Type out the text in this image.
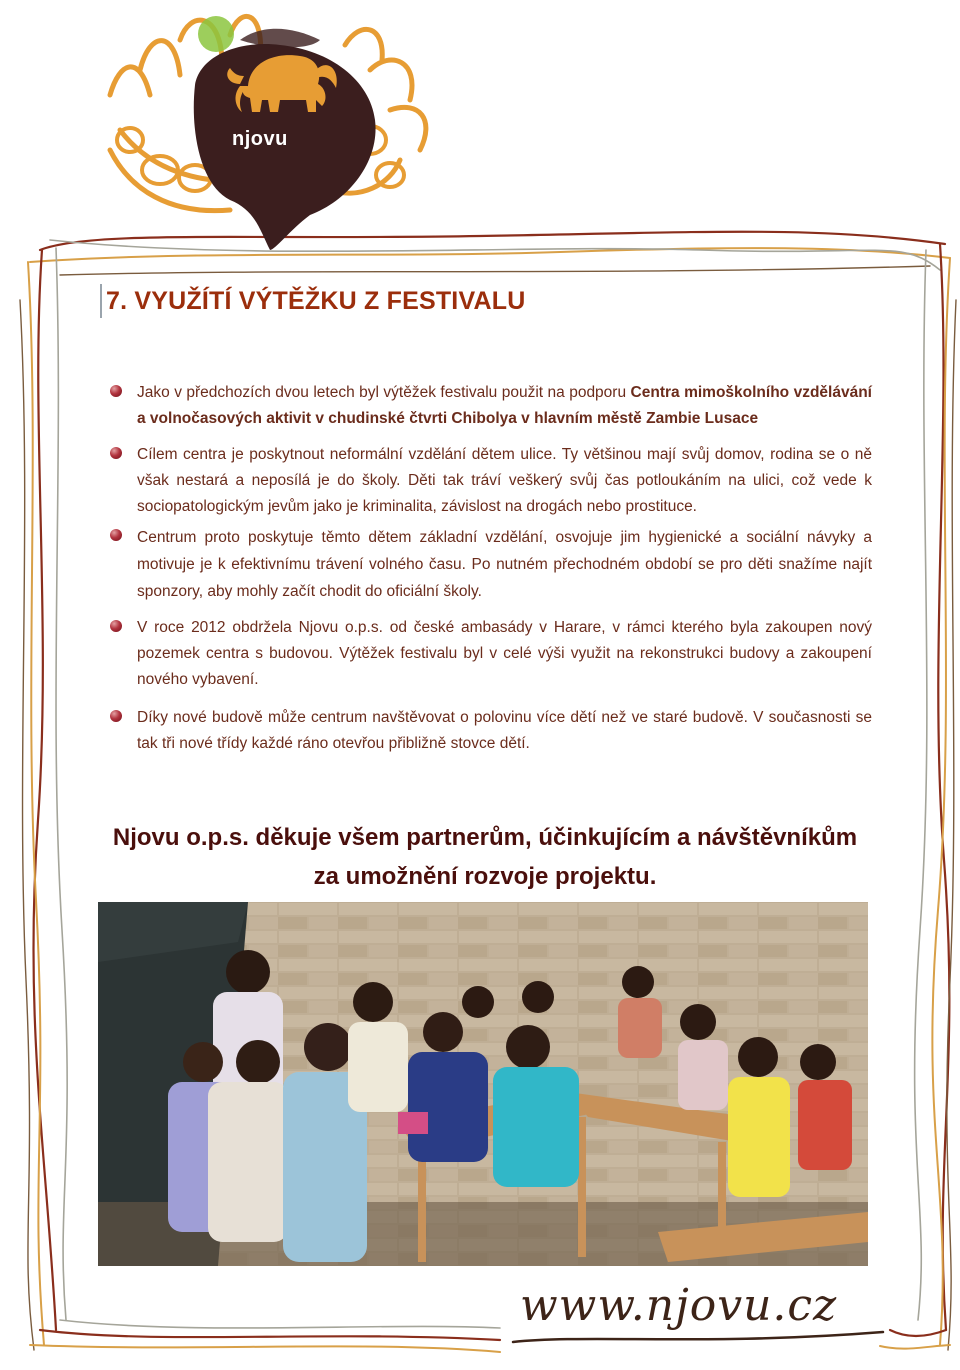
njovu
7. VYUŽÍTÍ VÝTĚŽKU Z FESTIVALU
Jako v předchozích dvou letech byl výtěžek festivalu použit na podporu Centra mimoškolního vzdělávání a volnočasových aktivit v chudinské čtvrti Chibolya v hlavním městě Zambie Lusace
Cílem centra je poskytnout neformální vzdělání dětem ulice. Ty většinou mají svůj domov, rodina se o ně však nestará a neposílá je do školy. Děti tak tráví veškerý svůj čas potloukáním na ulici, což vede k sociopatologickým jevům jako je kriminalita, závislost na drogách nebo prostituce.
Centrum proto poskytuje těmto dětem základní vzdělání, osvojuje jim hygienické a sociální návyky a motivuje je k efektivnímu trávení volného času. Po nutném přechodném období se pro děti snažíme najít sponzory, aby mohly začít chodit do oficiální školy.
V roce 2012 obdržela Njovu o.p.s. od české ambasády v Harare, v rámci kterého byla zakoupen nový pozemek centra s budovou. Výtěžek festivalu byl v celé výši využit na rekonstrukci budovy a zakoupení nového vybavení.
Díky nové budově může centrum navštěvovat o polovinu více dětí než ve staré budově. V současnosti se tak tři nové třídy každé ráno otevřou přibližně stovce dětí.
Njovu o.p.s. děkuje všem partnerům, účinkujícím a návštěvníkům
za umožnění rozvoje projektu.
www.njovu.cz
